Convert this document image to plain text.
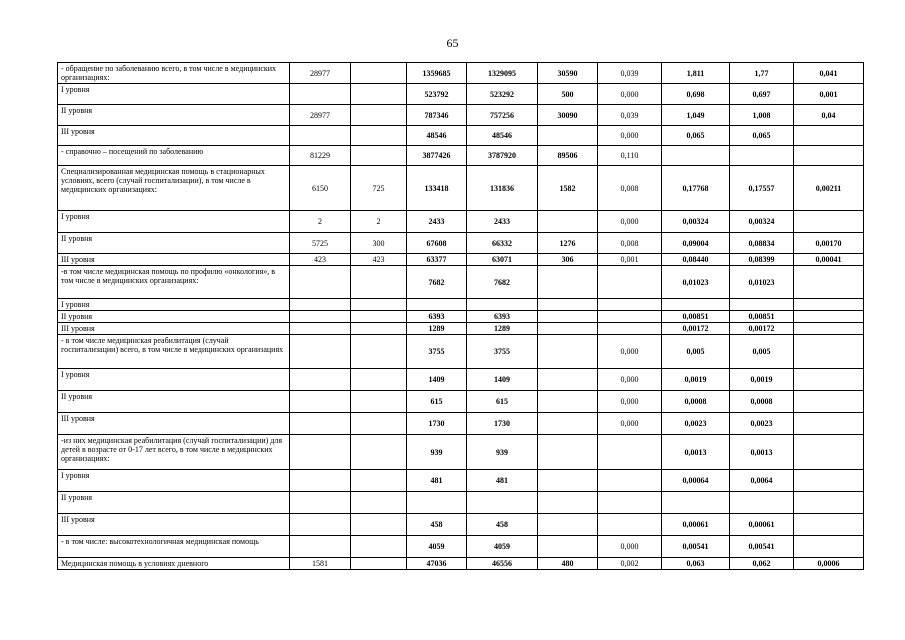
65
- обращение по заболеванию всего, в том числе в медицинских организациях:	28977		1359685	1329095	30590	0,039	1,811	1,77	0,041
I уровня			523792	523292	500	0,000	0,698	0,697	0,001
II уровня	28977		787346	757256	30090	0,039	1,049	1,008	0,04
III уровня			48546	48546		0,000	0,065	0,065	
- справочно – посещений по заболеванию	81229		3877426	3787920	89506	0,110			
Специализированная медицинская помощь в стационарных условиях, всего (случай госпитализации), в том числе в медицинских организациях:	6150	725	133418	131836	1582	0,008	0,17768	0,17557	0,00211
I уровня	2	2	2433	2433		0,000	0,00324	0,00324	
II уровня	5725	300	67608	66332	1276	0,008	0,09004	0,08834	0,00170
III уровня	423	423	63377	63071	306	0,001	0,08440	0,08399	0,00041
-в том числе медицинская помощь по профилю «онкология», в том числе в медицинских организациях:			7682	7682			0,01023	0,01023	
I уровня									
II уровня			6393	6393			0,00851	0,00851	
III уровня			1289	1289			0,00172	0,00172	
- в том числе медицинская реабилитация (случай госпитализации) всего, в том числе в медицинских организациях			3755	3755		0,000	0,005	0,005	
I уровня			1409	1409		0,000	0,0019	0,0019	
II уровня			615	615		0,000	0,0008	0,0008	
III уровня			1730	1730		0,000	0,0023	0,0023	
-из них медицинская реабилитация (случай госпитализации) для детей в возрасте от 0-17 лет всего, в том числе в медицинских организациях:			939	939			0,0013	0,0013	
I уровня			481	481			0,00064	0,0064	
II уровня									
III уровня			458	458			0,00061	0,00061	
- в том числе: высокотехнологичная медицинская помощь			4059	4059		0,000	0,00541	0,00541	
Медицинская помощь в условиях дневного	1581		47036	46556	480	0,002	0,063	0,062	0,0006
